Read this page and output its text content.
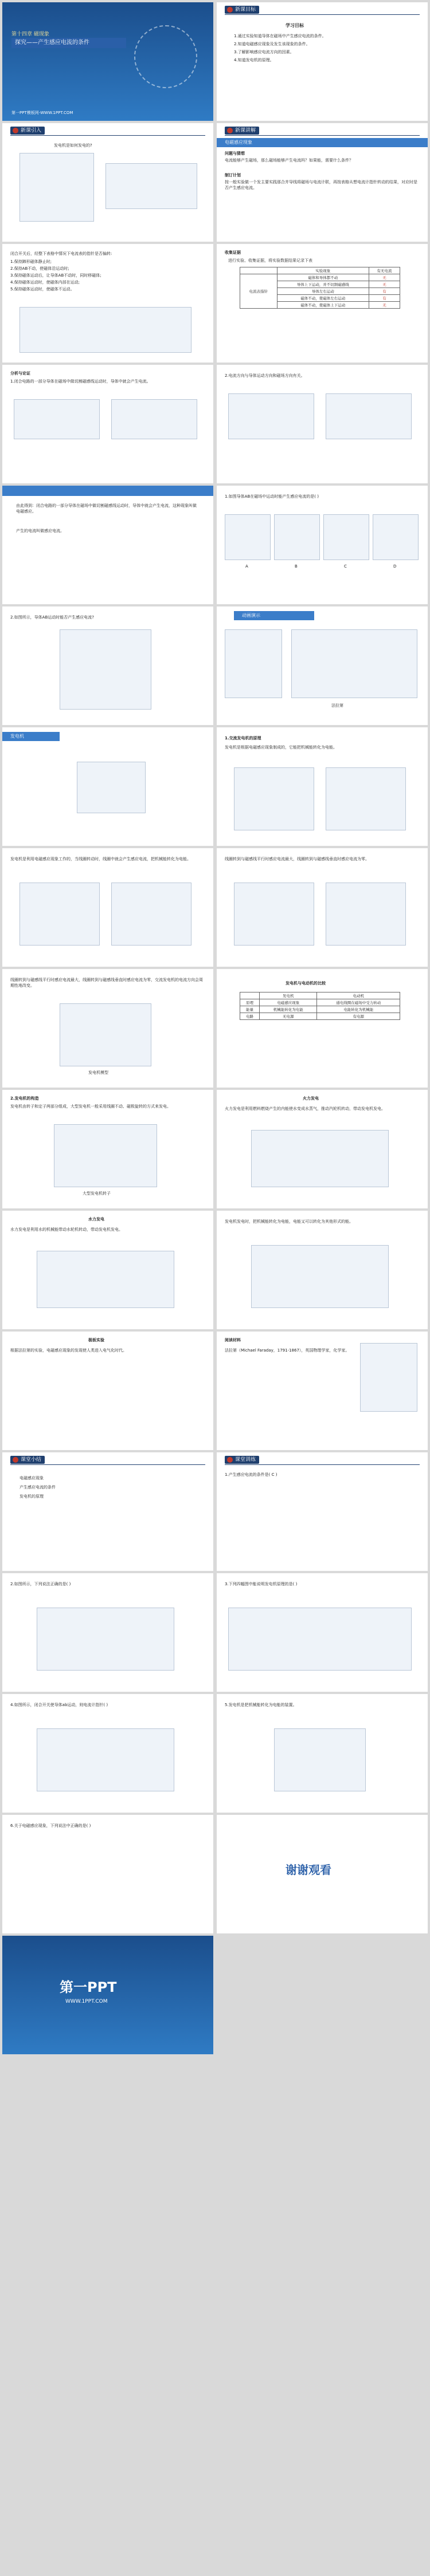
第十四章 磁现象
探究——产生感应电流的条件
第一PPT模板网-WWW.1PPT.COM
新课目标
学习目标
1.通过实验知道导体在磁场中产生感应电流的条件。
2.知道电磁感应现象及发生该现象的条件。
3.了解影响感应电流方向的因素。
4.知道发电机的原理。
新课引入
发电机是如何发电的?
新课讲解
电磁感应现象
问题与猜想
电流能够产生磁场，那么磁场能够产生电流吗？如果能，需要什么条件？
制订计划
按一般实验做一个发主要实践那合并导线将磁场与电流计联，再按表格从想电流计指针转动的结果，对应时是否产生感应电流。
闭合开关后，经整下表格中情况下电流表的指针是否偏转:
1.保持蹄形磁体静止时;
2.保持AB不动，使磁体沿运动时;
3.保持磁体运动后，让导体AB不动时，同时移磁体;
4.保持磁体运动时，使磁体内部在运动;
5.保持磁体运动时，使磁体不运动。
收集证据
进行实验、收集证据，将实验数据结果记录下表
	实验现象	有无电流
电流表指针	磁体和导体都不动	无
	导体上下运动，并不切割磁感线	无
	导体左右运动	有
	磁体不动，使磁体左右运动	有
	磁体不动，使磁体上下运动	无
分析与论证
1.闭合电路的一部分导体在磁场中做切割磁感线运动时，导体中就会产生电流。
2.电流方向与导体运动方向和磁场方向有关。
由此得到：闭合电路的一部分导体在磁场中做切割磁感线运动时，导体中就会产生电流，这种现象叫做电磁感应。
产生的电流叫做感应电流。
1.如图导体AB在磁场中运动时能产生感应电流的是( )
A	B	C	D
2.如图所示，导体AB运动时能否产生感应电流?	动画演示
法拉第
发电机	1.交流发电机的原理
发电机是根据电磁感应现象制成的，它能把机械能转化为电能。
发电机是利用电磁感应现象工作的，当线圈转动时，线圈中就会产生感应电流，把机械能转化为电能。	线圈转到与磁感线平行时感应电流最大，线圈转到与磁感线垂直时感应电流为零。
线圈转到与磁感线平行时感应电流最大，线圈转到与磁感线垂直时感应电流为零，交流发电机的电流方向会周期性地改变。
发电机模型
发电机与电动机的比较
	发电机	电动机
原理	电磁感应现象	通电线圈在磁场中受力转动
能量	机械能转化为电能	电能转化为机械能
电路	无电源	有电源
2.发电机的构造
发电机由转子和定子两部分组成，大型发电机一般采用线圈不动、磁极旋转的方式来发电。
大型发电机转子
火力发电
火力发电是利用燃料燃烧产生的内能使水变成水蒸气，推动汽轮机转动，带动发电机发电。
水力发电
水力发电是利用水的机械能带动水轮机转动，带动发电机发电。
发电机发电时，把机械能转化为电能，电能又可以转化为其他形式的能。
极板实验
根据法拉第的实验，电磁感应现象的发现使人类进入电气化时代。
阅读材料
法拉第（Michael Faraday，1791-1867），英国物理学家，化学家。
课堂小结
电磁感应现象
产生感应电流的条件
发电机的原理
课堂训练
1.产生感应电流的条件是( C )
2.如图所示，下列说法正确的是( )	3.下列四幅图中能说明发电机原理的是( )
4.如图所示，闭合开关使导体ab运动，则电流计指针( )	5.发电机是把机械能转化为电能的装置。
6.关于电磁感应现象，下列说法中正确的是( )
谢谢观看
第一PPT
WWW.1PPT.COM
